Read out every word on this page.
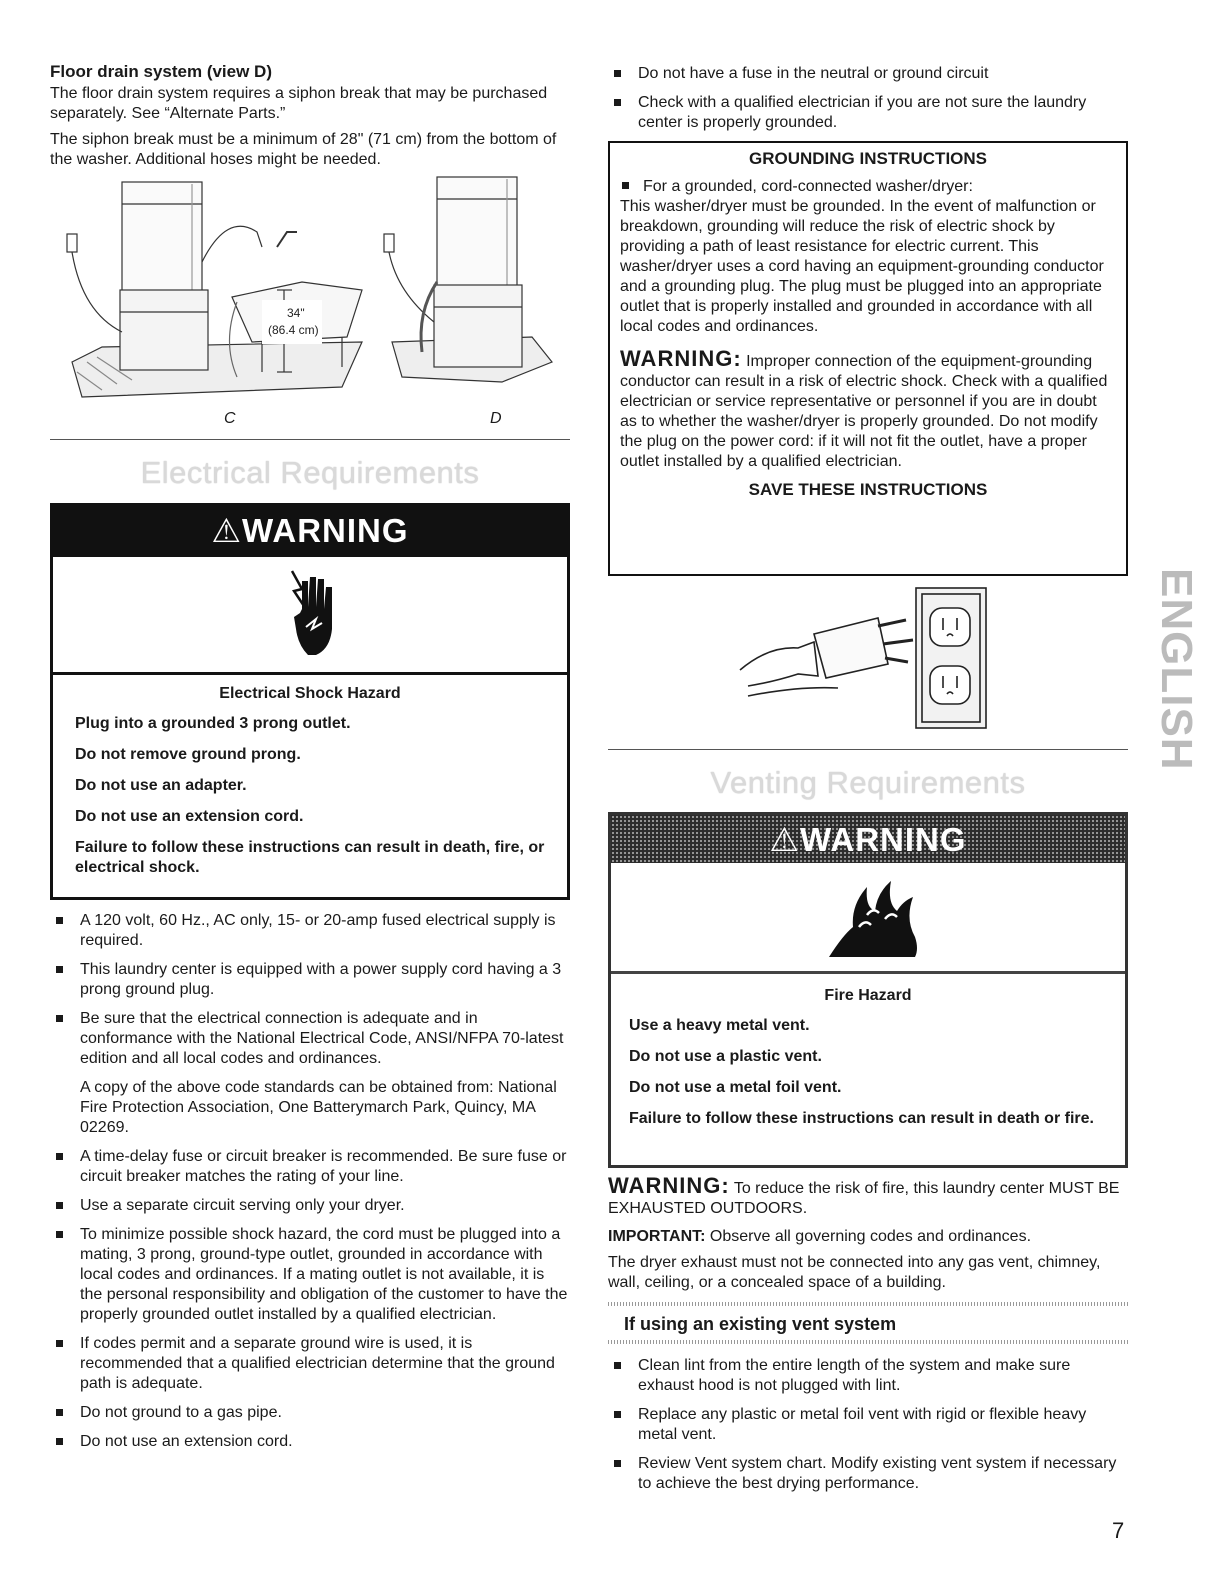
Floor drain system (view D)

The floor drain system requires a siphon break that may be purchased separately. See “Alternate Parts.”

The siphon break must be a minimum of 28" (71 cm) from the bottom of the washer. Additional hoses might be needed.

34"
(86.4 cm)
C	D
Electrical Requirements
⚠WARNING
Electrical Shock Hazard

Plug into a grounded 3 prong outlet.

Do not remove ground prong.

Do not use an adapter.

Do not use an extension cord.

Failure to follow these instructions can result in death, fire, or electrical shock.

A 120 volt, 60 Hz., AC only, 15- or 20-amp fused electrical supply is required.
This laundry center is equipped with a power supply cord having a 3 prong ground plug.
Be sure that the electrical connection is adequate and in conformance with the National Electrical Code, ANSI/NFPA 70-latest edition and all local codes and ordinances.

A copy of the above code standards can be obtained from: National Fire Protection Association, One Batterymarch Park, Quincy, MA 02269.

A time-delay fuse or circuit breaker is recommended. Be sure fuse or circuit breaker matches the rating of your line.
Use a separate circuit serving only your dryer.
To minimize possible shock hazard, the cord must be plugged into a mating, 3 prong, ground-type outlet, grounded in accordance with local codes and ordinances. If a mating outlet is not available, it is the personal responsibility and obligation of the customer to have the properly grounded outlet installed by a qualified electrician.
If codes permit and a separate ground wire is used, it is recommended that a qualified electrician determine that the ground path is adequate.
Do not ground to a gas pipe.
Do not use an extension cord.
Do not have a fuse in the neutral or ground circuit
Check with a qualified electrician if you are not sure the laundry center is properly grounded.
GROUNDING INSTRUCTIONS

For a grounded, cord-connected washer/dryer:

This washer/dryer must be grounded. In the event of malfunction or breakdown, grounding will reduce the risk of electric shock by providing a path of least resistance for electric current. This washer/dryer uses a cord having an equipment-grounding conductor and a grounding plug. The plug must be plugged into an appropriate outlet that is properly installed and grounded in accordance with all local codes and ordinances.

WARNING: Improper connection of the equipment-grounding conductor can result in a risk of electric shock. Check with a qualified electrician or service representative or personnel if you are in doubt as to whether the washer/dryer is properly grounded. Do not modify the plug on the power cord: if it will not fit the outlet, have a proper outlet installed by a qualified electrician.

SAVE THESE INSTRUCTIONS
Venting Requirements
⚠WARNING
Fire Hazard

Use a heavy metal vent.

Do not use a plastic vent.

Do not use a metal foil vent.

Failure to follow these instructions can result in death or fire.

WARNING: To reduce the risk of fire, this laundry center MUST BE EXHAUSTED OUTDOORS.

IMPORTANT: Observe all governing codes and ordinances.

The dryer exhaust must not be connected into any gas vent, chimney, wall, ceiling, or a concealed space of a building.

If using an existing vent system
Clean lint from the entire length of the system and make sure exhaust hood is not plugged with lint.
Replace any plastic or metal foil vent with rigid or flexible heavy metal vent.
Review Vent system chart. Modify existing vent system if necessary to achieve the best drying performance.
ENGLISH
7
